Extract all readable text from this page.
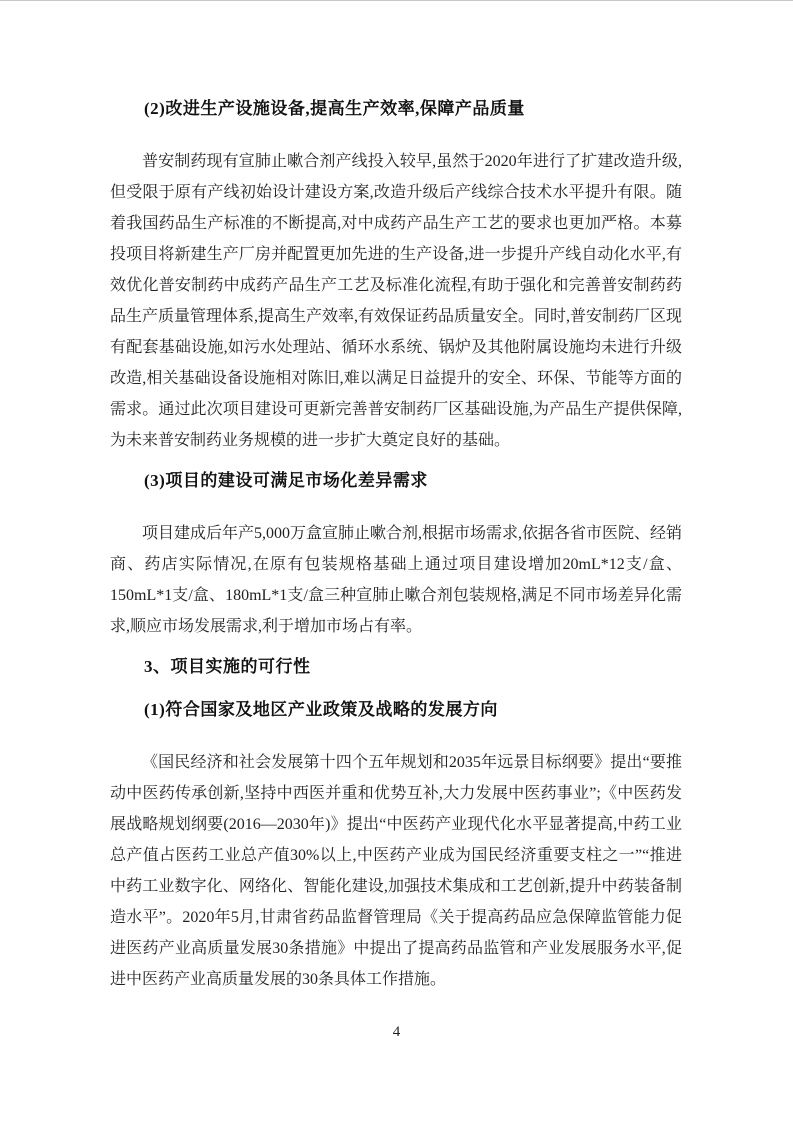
(2)改进生产设施设备,提高生产效率,保障产品质量

普安制药现有宣肺止嗽合剂产线投入较早,虽然于2020年进行了扩建改造升级,但受限于原有产线初始设计建设方案,改造升级后产线综合技术水平提升有限。随着我国药品生产标准的不断提高,对中成药产品生产工艺的要求也更加严格。本募投项目将新建生产厂房并配置更加先进的生产设备,进一步提升产线自动化水平,有效优化普安制药中成药产品生产工艺及标准化流程,有助于强化和完善普安制药药品生产质量管理体系,提高生产效率,有效保证药品质量安全。同时,普安制药厂区现有配套基础设施,如污水处理站、循环水系统、锅炉及其他附属设施均未进行升级改造,相关基础设备设施相对陈旧,难以满足日益提升的安全、环保、节能等方面的需求。通过此次项目建设可更新完善普安制药厂区基础设施,为产品生产提供保障,为未来普安制药业务规模的进一步扩大奠定良好的基础。

(3)项目的建设可满足市场化差异需求

项目建成后年产5,000万盒宣肺止嗽合剂,根据市场需求,依据各省市医院、经销商、药店实际情况,在原有包装规格基础上通过项目建设增加20mL*12支/盒、150mL*1支/盒、180mL*1支/盒三种宣肺止嗽合剂包装规格,满足不同市场差异化需求,顺应市场发展需求,利于增加市场占有率。

3、项目实施的可行性
(1)符合国家及地区产业政策及战略的发展方向

《国民经济和社会发展第十四个五年规划和2035年远景目标纲要》提出“要推动中医药传承创新,坚持中西医并重和优势互补,大力发展中医药事业”;《中医药发展战略规划纲要(2016—2030年)》提出“中医药产业现代化水平显著提高,中药工业总产值占医药工业总产值30%以上,中医药产业成为国民经济重要支柱之一”“推进中药工业数字化、网络化、智能化建设,加强技术集成和工艺创新,提升中药装备制造水平”。2020年5月,甘肃省药品监督管理局《关于提高药品应急保障监管能力促进医药产业高质量发展30条措施》中提出了提高药品监管和产业发展服务水平,促进中医药产业高质量发展的30条具体工作措施。

4
